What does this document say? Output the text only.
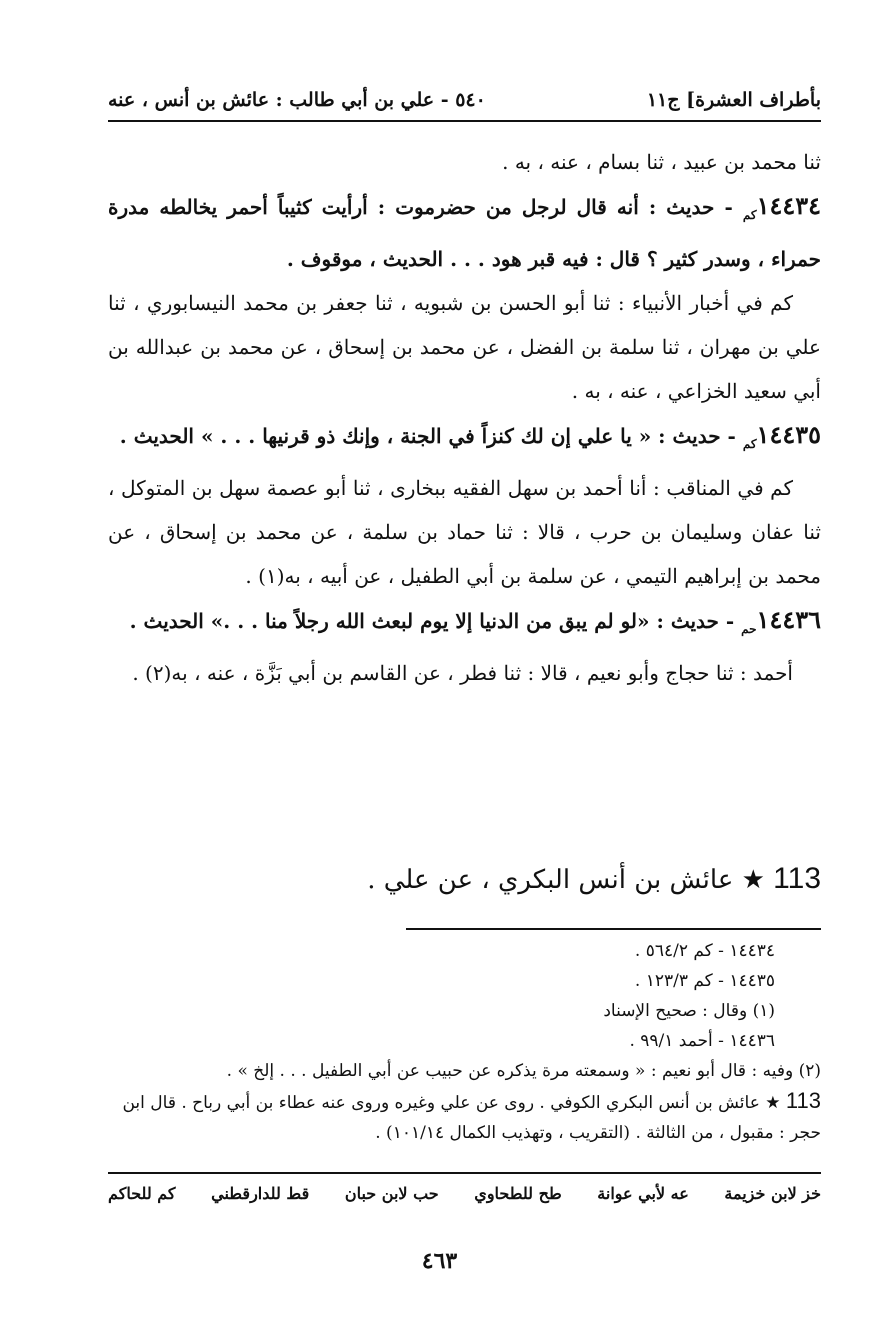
بأطراف العشرة] ج١١
٥٤٠ - علي بن أبي طالب : عائش بن أنس ، عنه

ثنا محمد بن عبيد ، ثنا بسام ، عنه ، به .

$١٤٤٣٤_{كم}$ - حديث : أنه قال لرجل من حضرموت : أرأيت كثيباً أحمر يخالطه مدرة حمراء ، وسدر كثير ؟ قال : فيه قبر هود . . . الحديث ، موقوف .

كم في أخبار الأنبياء : ثنا أبو الحسن بن شبويه ، ثنا جعفر بن محمد النيسابوري ، ثنا علي بن مهران ، ثنا سلمة بن الفضل ، عن محمد بن إسحاق ، عن محمد بن عبدالله بن أبي سعيد الخزاعي ، عنه ، به .

$١٤٤٣٥_{كم}$ - حديث : « يا علي إن لك كنزاً في الجنة ، وإنك ذو قرنيها . . . » الحديث .

كم في المناقب : أنا أحمد بن سهل الفقيه ببخارى ، ثنا أبو عصمة سهل بن المتوكل ، ثنا عفان وسليمان بن حرب ، قالا : ثنا حماد بن سلمة ، عن محمد بن إسحاق ، عن محمد بن إبراهيم التيمي ، عن سلمة بن أبي الطفيل ، عن أبيه ، به(١) .

$١٤٤٣٦_{حم}$ - حديث : «لو لم يبق من الدنيا إلا يوم لبعث الله رجلاً منا . . .» الحديث .

أحمد : ثنا حجاج وأبو نعيم ، قالا : ثنا فطر ، عن القاسم بن أبي بَزَّة ، عنه ، به(٢) .

113 ★ عائش بن أنس البكري ، عن علي .

١٤٤٣٤ - كم ٥٦٤/٢ .

١٤٤٣٥ - كم ١٢٣/٣ .

(١) وقال : صحيح الإسناد

١٤٤٣٦ - أحمد ٩٩/١ .

(٢) وفيه : قال أبو نعيم : « وسمعته مرة يذكره عن حبيب عن أبي الطفيل . . . إلخ » .

113 ★ عائش بن أنس البكري الكوفي . روى عن علي وغيره وروى عنه عطاء بن أبي رباح . قال ابن حجر : مقبول ، من الثالثة . (التقريب ، وتهذيب الكمال ١٠١/١٤) .

خز لابن خزيمة
عه لأبي عوانة
طح للطحاوي
حب لابن حبان
قط للدارقطني
كم للحاكم
٤٦٣
